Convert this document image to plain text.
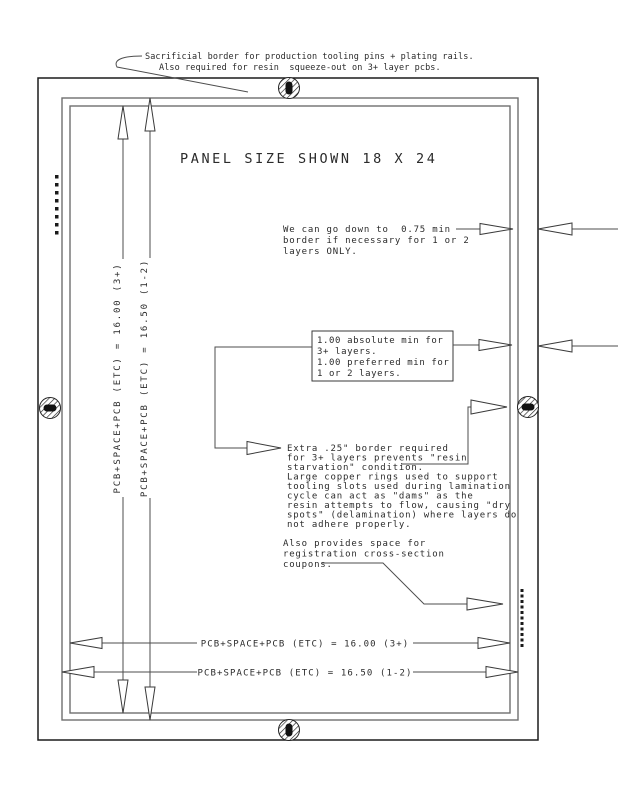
PCB+SPACE+PCB (ETC) = 16.00 (3+) PCB+SPACE+PCB (ETC) = 16.50 (1-2)
PCB+SPACE+PCB (ETC) = 16.00 (3+)
PCB+SPACE+PCB (ETC) = 16.50 (1-2)
PANEL SIZE SHOWN 18 X 24
Sacrificial border for production tooling pins + plating rails.
Also required for resin  squeeze-out on 3+ layer pcbs.
We can go down to  0.75 min
border if necessary for 1 or 2
layers ONLY.
1.00 absolute min for
3+ layers.
1.00 preferred min for
1 or 2 layers.
Extra .25" border required
for 3+ layers prevents "resin
starvation" condition.
Large copper rings used to support
tooling slots used during lamination
cycle can act as "dams" as the
resin attempts to flow, causing "dry
spots" (delamination) where layers do
not adhere properly.
Also provides space for
registration cross-section
coupons.
